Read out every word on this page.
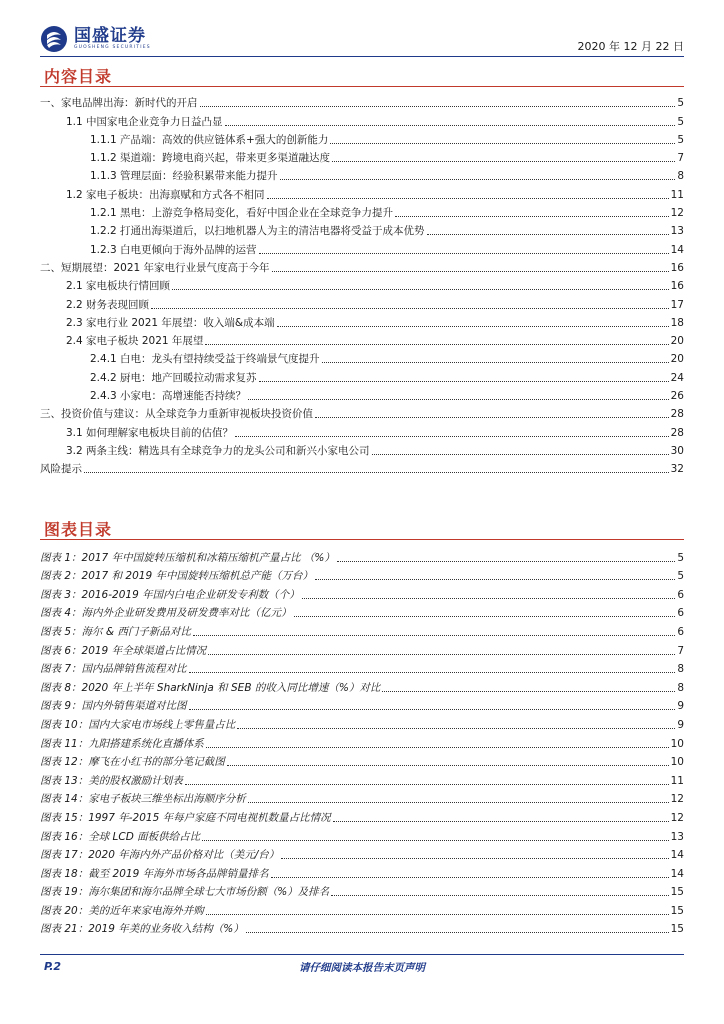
国盛证券
GUOSHENG SECURITIES	2020 年 12 月 22 日
内容目录
一、家电品牌出海：新时代的开启	5
1.1 中国家电企业竞争力日益凸显	5
1.1.1 产品端：高效的供应链体系+强大的创新能力	5
1.1.2 渠道端：跨境电商兴起，带来更多渠道融达度	7
1.1.3 管理层面：经验积累带来能力提升	8
1.2 家电子板块：出海禀赋和方式各不相同	11
1.2.1 黑电：上游竞争格局变化，看好中国企业在全球竞争力提升	12
1.2.2 打通出海渠道后，以扫地机器人为主的清洁电器将受益于成本优势	13
1.2.3 白电更倾向于海外品牌的运营	14
二、短期展望：2021 年家电行业景气度高于今年	16
2.1 家电板块行情回顾	16
2.2 财务表现回顾	17
2.3 家电行业 2021 年展望：收入端&成本端	18
2.4 家电子板块 2021 年展望	20
2.4.1 白电：龙头有望持续受益于终端景气度提升	20
2.4.2 厨电：地产回暖拉动需求复苏	24
2.4.3 小家电：高增速能否持续？	26
三、投资价值与建议：从全球竞争力重新审视板块投资价值	28
3.1 如何理解家电板块目前的估值？	28
3.2 两条主线：精选具有全球竞争力的龙头公司和新兴小家电公司	30
风险提示	32
图表目录
图表 1：2017 年中国旋转压缩机和冰箱压缩机产量占比 （%）	5
图表 2：2017 和 2019 年中国旋转压缩机总产能（万台）	5
图表 3：2016-2019 年国内白电企业研发专利数（个）	6
图表 4：海内外企业研发费用及研发费率对比（亿元）	6
图表 5：海尔 & 西门子新品对比	6
图表 6：2019 年全球渠道占比情况	7
图表 7：国内品牌销售流程对比	8
图表 8：2020 年上半年 SharkNinja 和 SEB 的收入同比增速（%）对比	8
图表 9：国内外销售渠道对比图	9
图表 10：国内大家电市场线上零售量占比	9
图表 11：九阳搭建系统化直播体系	10
图表 12：摩飞在小红书的部分笔记截图	10
图表 13：美的股权激励计划表	11
图表 14：家电子板块三维坐标出海顺序分析	12
图表 15：1997 年-2015 年每户家庭不同电视机数量占比情况	12
图表 16：全球 LCD 面板供给占比	13
图表 17：2020 年海内外产品价格对比（美元/台）	14
图表 18：截至 2019 年海外市场各品牌销量排名	14
图表 19：海尔集团和海尔品牌全球七大市场份额（%）及排名	15
图表 20：美的近年来家电海外并购	15
图表 21：2019 年美的业务收入结构（%）	15
P.2	请仔细阅读本报告末页声明
